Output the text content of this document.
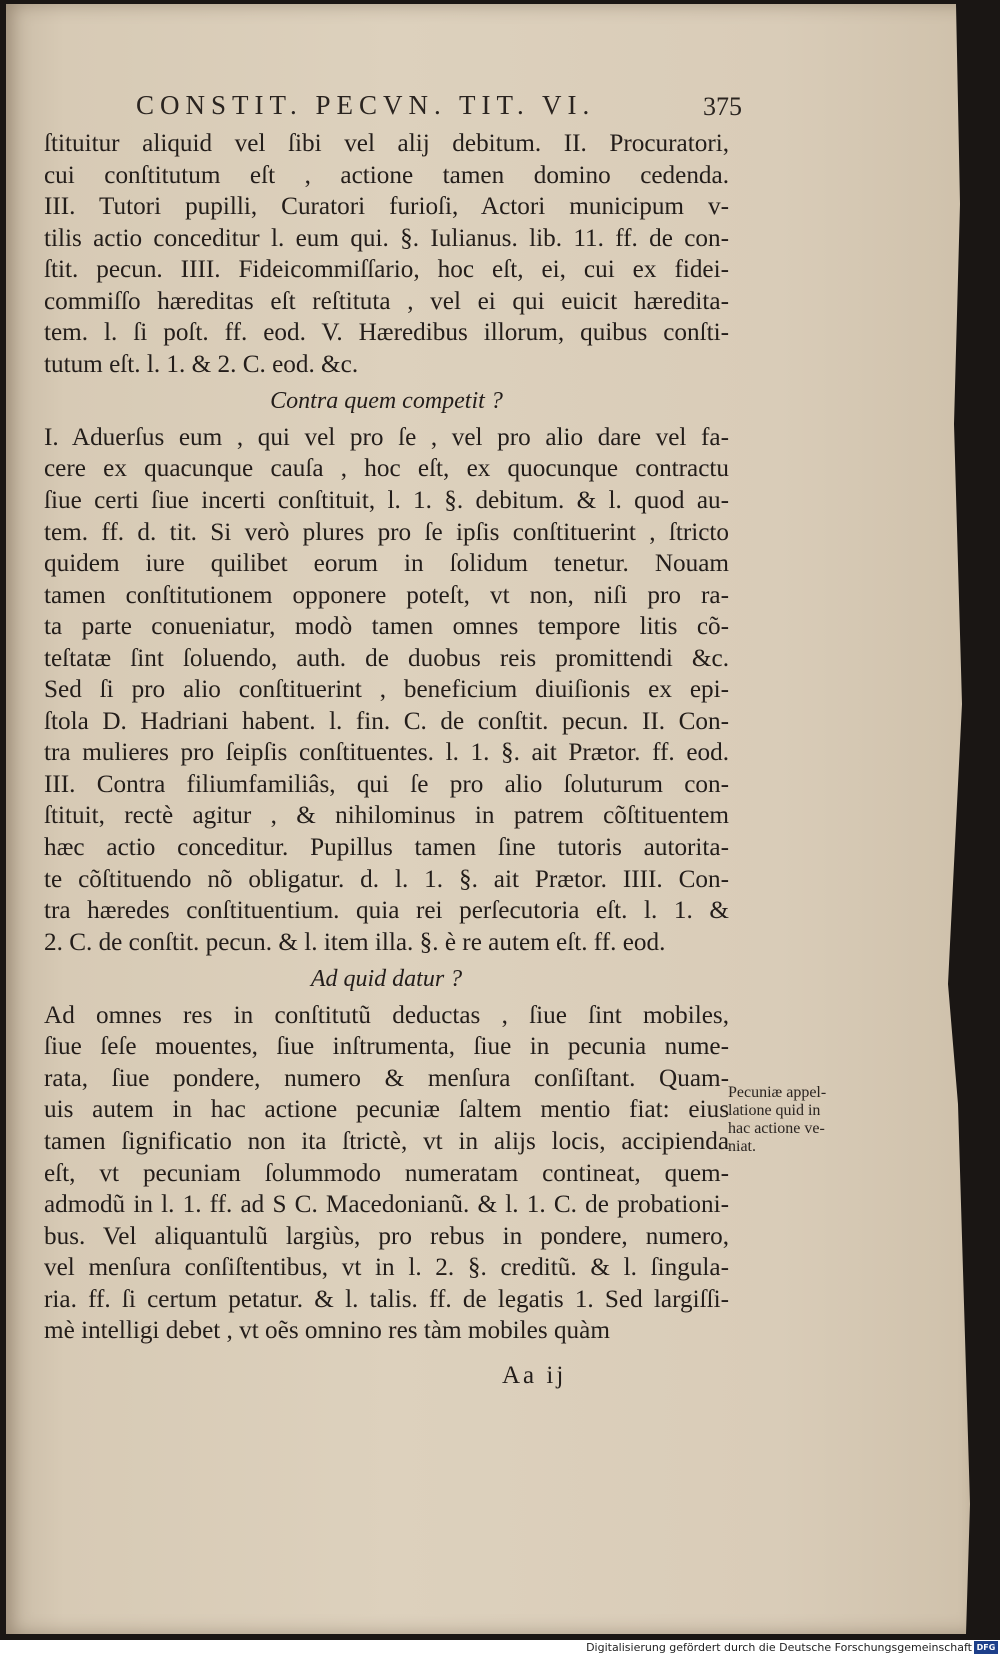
CONSTIT. PECVN. TIT. VI.	375
ſtituitur aliquid vel ſibi vel alij debitum. II. Procuratori,
cui conſtitutum eſt , actione tamen domino cedenda.
III. Tutori pupilli, Curatori furioſi, Actori municipum v-
tilis actio conceditur l. eum qui. §. Iulianus. lib. 11. ff. de con-
ſtit. pecun. IIII. Fideicommiſſario, hoc eſt, ei, cui ex fidei-
commiſſo hæreditas eſt reſtituta , vel ei qui euicit hæredita-
tem. l. ſi poſt. ff. eod. V. Hæredibus illorum, quibus conſti-
tutum eſt. l. 1. & 2. C. eod. &c.
Contra quem competit ?
I. Aduerſus eum , qui vel pro ſe , vel pro alio dare vel fa-
cere ex quacunque cauſa , hoc eſt, ex quocunque contractu
ſiue certi ſiue incerti conſtituit, l. 1. §. debitum. & l. quod au-
tem. ff. d. tit. Si verò plures pro ſe ipſis conſtituerint , ſtricto
quidem iure quilibet eorum in ſolidum tenetur. Nouam
tamen conſtitutionem opponere poteſt, vt non, niſi pro ra-
ta parte conueniatur, modò tamen omnes tempore litis cõ-
teſtatæ ſint ſoluendo, auth. de duobus reis promittendi &c.
Sed ſi pro alio conſtituerint , beneficium diuiſionis ex epi-
ſtola D. Hadriani habent. l. fin. C. de conſtit. pecun. II. Con-
tra mulieres pro ſeipſis conſtituentes. l. 1. §. ait Prætor. ff. eod.
III. Contra filiumfamiliâs, qui ſe pro alio ſoluturum con-
ſtituit, rectè agitur , & nihilominus in patrem cõſtituentem
hæc actio conceditur. Pupillus tamen ſine tutoris autorita-
te cõſtituendo nõ obligatur. d. l. 1. §. ait Prætor. IIII. Con-
tra hæredes conſtituentium. quia rei perſecutoria eſt. l. 1. &
2. C. de conſtit. pecun. & l. item illa. §. è re autem eſt. ff. eod.
Ad quid datur ?
Ad omnes res in conſtitutũ deductas , ſiue ſint mobiles,
ſiue ſeſe mouentes, ſiue inſtrumenta, ſiue in pecunia nume-
rata, ſiue pondere, numero & menſura conſiſtant. Quam-
uis autem in hac actione pecuniæ ſaltem mentio fiat: eius
tamen ſignificatio non ita ſtrictè, vt in alijs locis, accipienda
eſt, vt pecuniam ſolummodo numeratam contineat, quem-
admodũ in l. 1. ff. ad S C. Macedonianũ. & l. 1. C. de probationi-
bus. Vel aliquantulũ largiùs, pro rebus in pondere, numero,
vel menſura conſiſtentibus, vt in l. 2. §. creditũ. & l. ſingula-
ria. ff. ſi certum petatur. & l. talis. ff. de legatis 1. Sed largiſſi-
mè intelligi debet , vt oẽs omnino res tàm mobiles quàm
Pecuniæ appel-
latione quid in
hac actione ve-
niat.
Aa ij
Digitalisierung gefördert durch die Deutsche Forschungsgemeinschaft DFG
